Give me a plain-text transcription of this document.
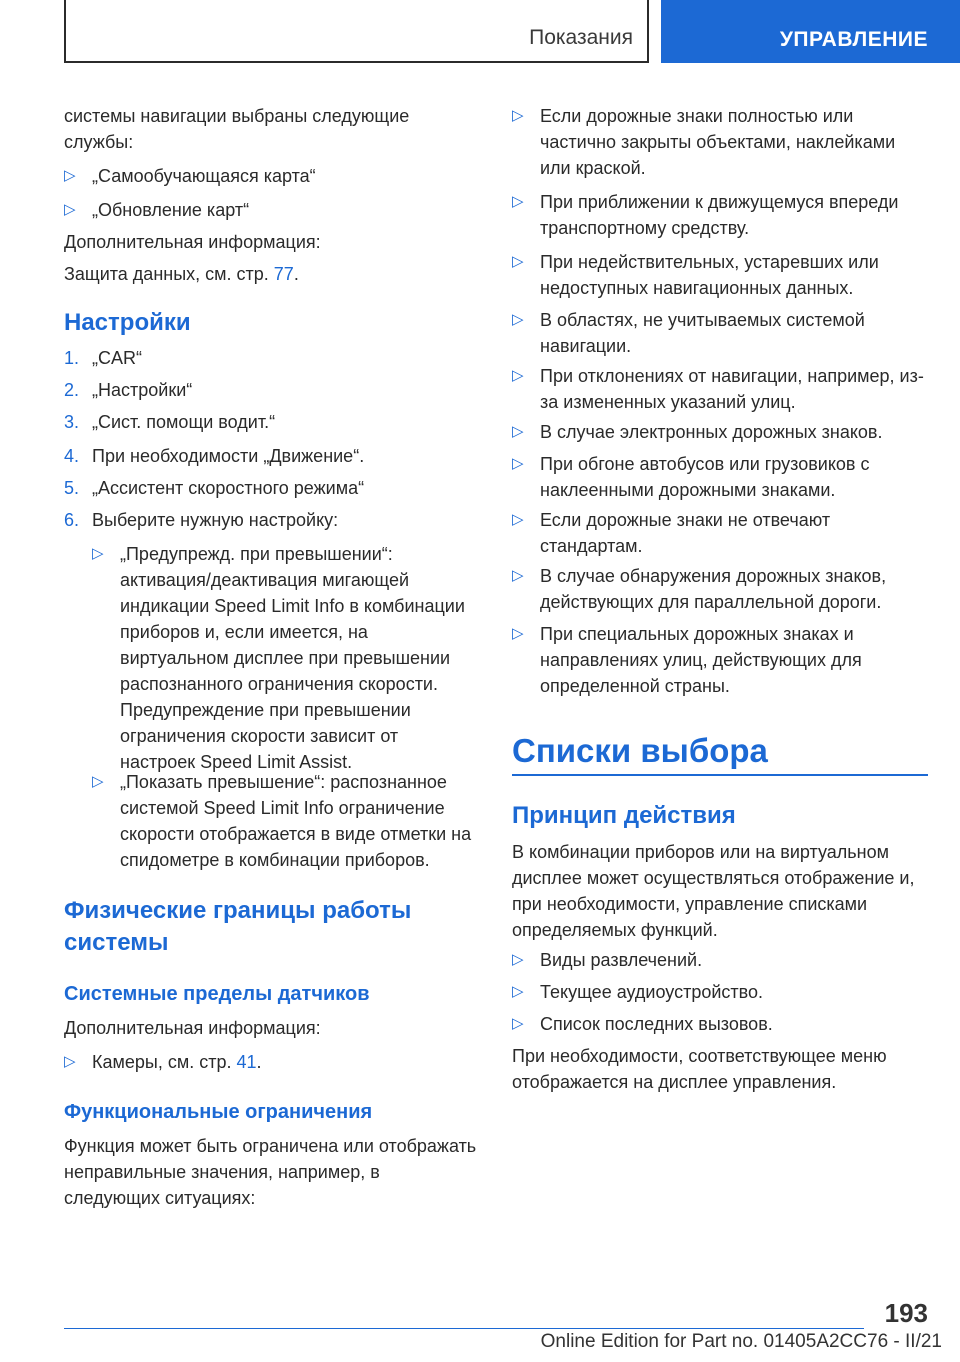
Показания	УПРАВЛЕНИЕ

системы навигации выбраны следующие службы:

▷ „Самообучающаяся карта“
▷ „Обновление карт“

Дополнительная информация:

Защита данных, см. стр. 77.

Настройки
1. „CAR“
2. „Настройки“
3. „Сист. помощи водит.“
4. При необходимости „Движение“.
5. „Ассистент скоростного режима“
6. Выберите нужную настройку:
▷ „Предупрежд. при превышении“: активация/деактивация мигающей индикации Speed Limit Info в комбинации приборов и, если имеется, на виртуальном дисплее при превышении распознанного ограничения скорости. Предупреждение при превышении ограничения скорости зависит от настроек Speed Limit Assist.
▷ „Показать превышение“: распознанное системой Speed Limit Info ограничение скорости отображается в виде отметки на спидометре в комбинации приборов.
Физические границы работы системы
Системные пределы датчиков

Дополнительная информация:

▷ Камеры, см. стр. 41.
Функциональные ограничения

Функция может быть ограничена или отображать неправильные значения, например, в следующих ситуациях:

▷ Если дорожные знаки полностью или частично закрыты объектами, наклейками или краской.
▷ При приближении к движущемуся впереди транспортному средству.
▷ При недействительных, устаревших или недоступных навигационных данных.
▷ В областях, не учитываемых системой навигации.
▷ При отклонениях от навигации, например, из-за измененных указаний улиц.
▷ В случае электронных дорожных знаков.
▷ При обгоне автобусов или грузовиков с наклеенными дорожными знаками.
▷ Если дорожные знаки не отвечают стандартам.
▷ В случае обнаружения дорожных знаков, действующих для параллельной дороги.
▷ При специальных дорожных знаках и направлениях улиц, действующих для определенной страны.
Списки выбора
Принцип действия

В комбинации приборов или на виртуальном дисплее может осуществляться отображение и, при необходимости, управление списками определяемых функций.

▷ Виды развлечений.
▷ Текущее аудиоустройство.
▷ Список последних вызовов.

При необходимости, соответствующее меню отображается на дисплее управления.

193
Online Edition for Part no. 01405A2CC76 - II/21
